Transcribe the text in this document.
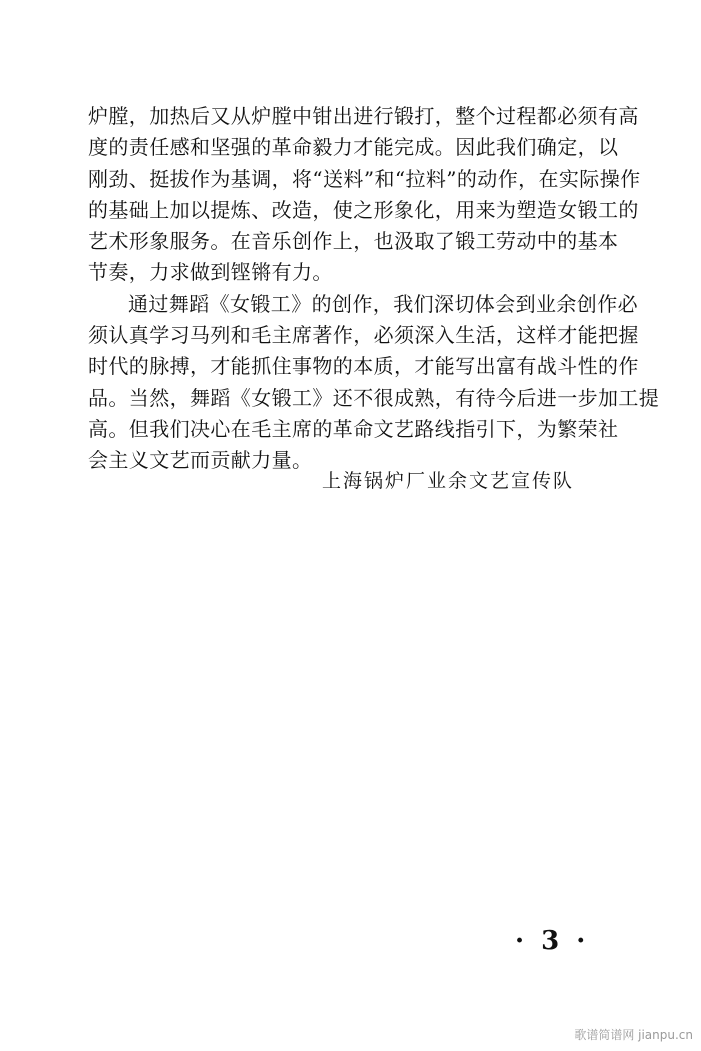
炉膛，加热后又从炉膛中钳出进行锻打，整个过程都必须有高
度的责任感和坚强的革命毅力才能完成。因此我们确定，以
刚劲、挺拔作为基调，将“送料”和“拉料”的动作，在实际操作
的基础上加以提炼、改造，使之形象化，用来为塑造女锻工的
艺术形象服务。在音乐创作上，也汲取了锻工劳动中的基本
节奏，力求做到铿锵有力。
通过舞蹈《女锻工》的创作，我们深切体会到业余创作必
须认真学习马列和毛主席著作，必须深入生活，这样才能把握
时代的脉搏，才能抓住事物的本质，才能写出富有战斗性的作
品。当然，舞蹈《女锻工》还不很成熟，有待今后进一步加工提
高。但我们决心在毛主席的革命文艺路线指引下，为繁荣社
会主义文艺而贡献力量。
上海锅炉厂业余文艺宣传队
· 3 ·
歌谱简谱网 jianpu.cn
